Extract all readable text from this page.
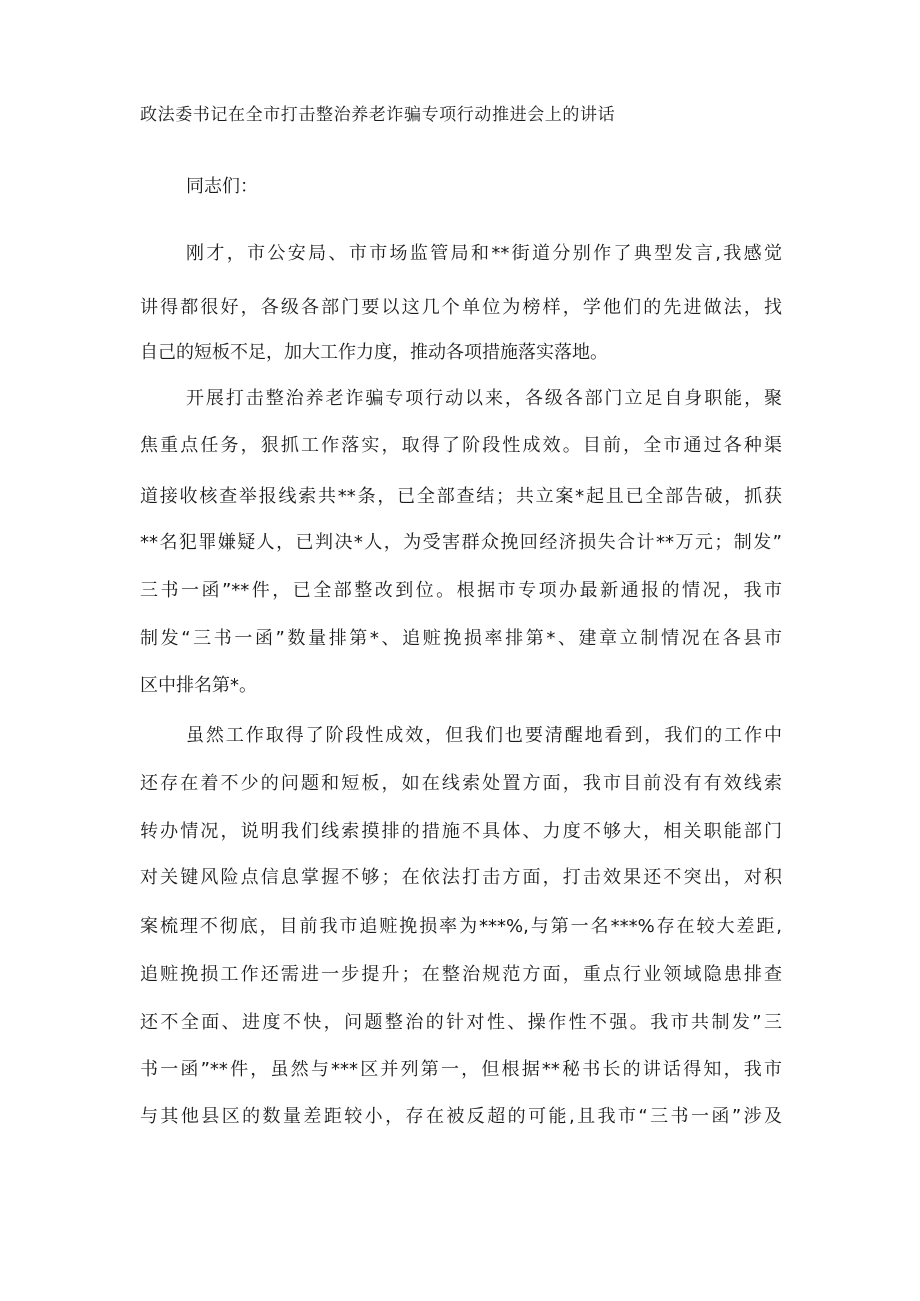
政法委书记在全市打击整治养老诈骗专项行动推进会上的讲话
同志们：
刚才，市公安局、市市场监管局和**街道分别作了典型发言,我感觉
讲得都很好，各级各部门要以这几个单位为榜样，学他们的先进做法，找
自己的短板不足，加大工作力度，推动各项措施落实落地。
开展打击整治养老诈骗专项行动以来，各级各部门立足自身职能，聚
焦重点任务，狠抓工作落实，取得了阶段性成效。目前，全市通过各种渠
道接收核查举报线索共**条，已全部查结；共立案*起且已全部告破，抓获
**名犯罪嫌疑人，已判决*人，为受害群众挽回经济损失合计**万元；制发”
三书一函”**件，已全部整改到位。根据市专项办最新通报的情况，我市
制发“三书一函”数量排第*、追赃挽损率排第*、建章立制情况在各县市
区中排名第*。
虽然工作取得了阶段性成效，但我们也要清醒地看到，我们的工作中
还存在着不少的问题和短板，如在线索处置方面，我市目前没有有效线索
转办情况，说明我们线索摸排的措施不具体、力度不够大，相关职能部门
对关键风险点信息掌握不够；在依法打击方面，打击效果还不突出，对积
案梳理不彻底，目前我市追赃挽损率为***%,与第一名***%存在较大差距,
追赃挽损工作还需进一步提升；在整治规范方面，重点行业领域隐患排查
还不全面、进度不快，问题整治的针对性、操作性不强。我市共制发”三
书一函”**件，虽然与***区并列第一，但根据**秘书长的讲话得知，我市
与其他县区的数量差距较小，存在被反超的可能,且我市“三书一函”涉及
